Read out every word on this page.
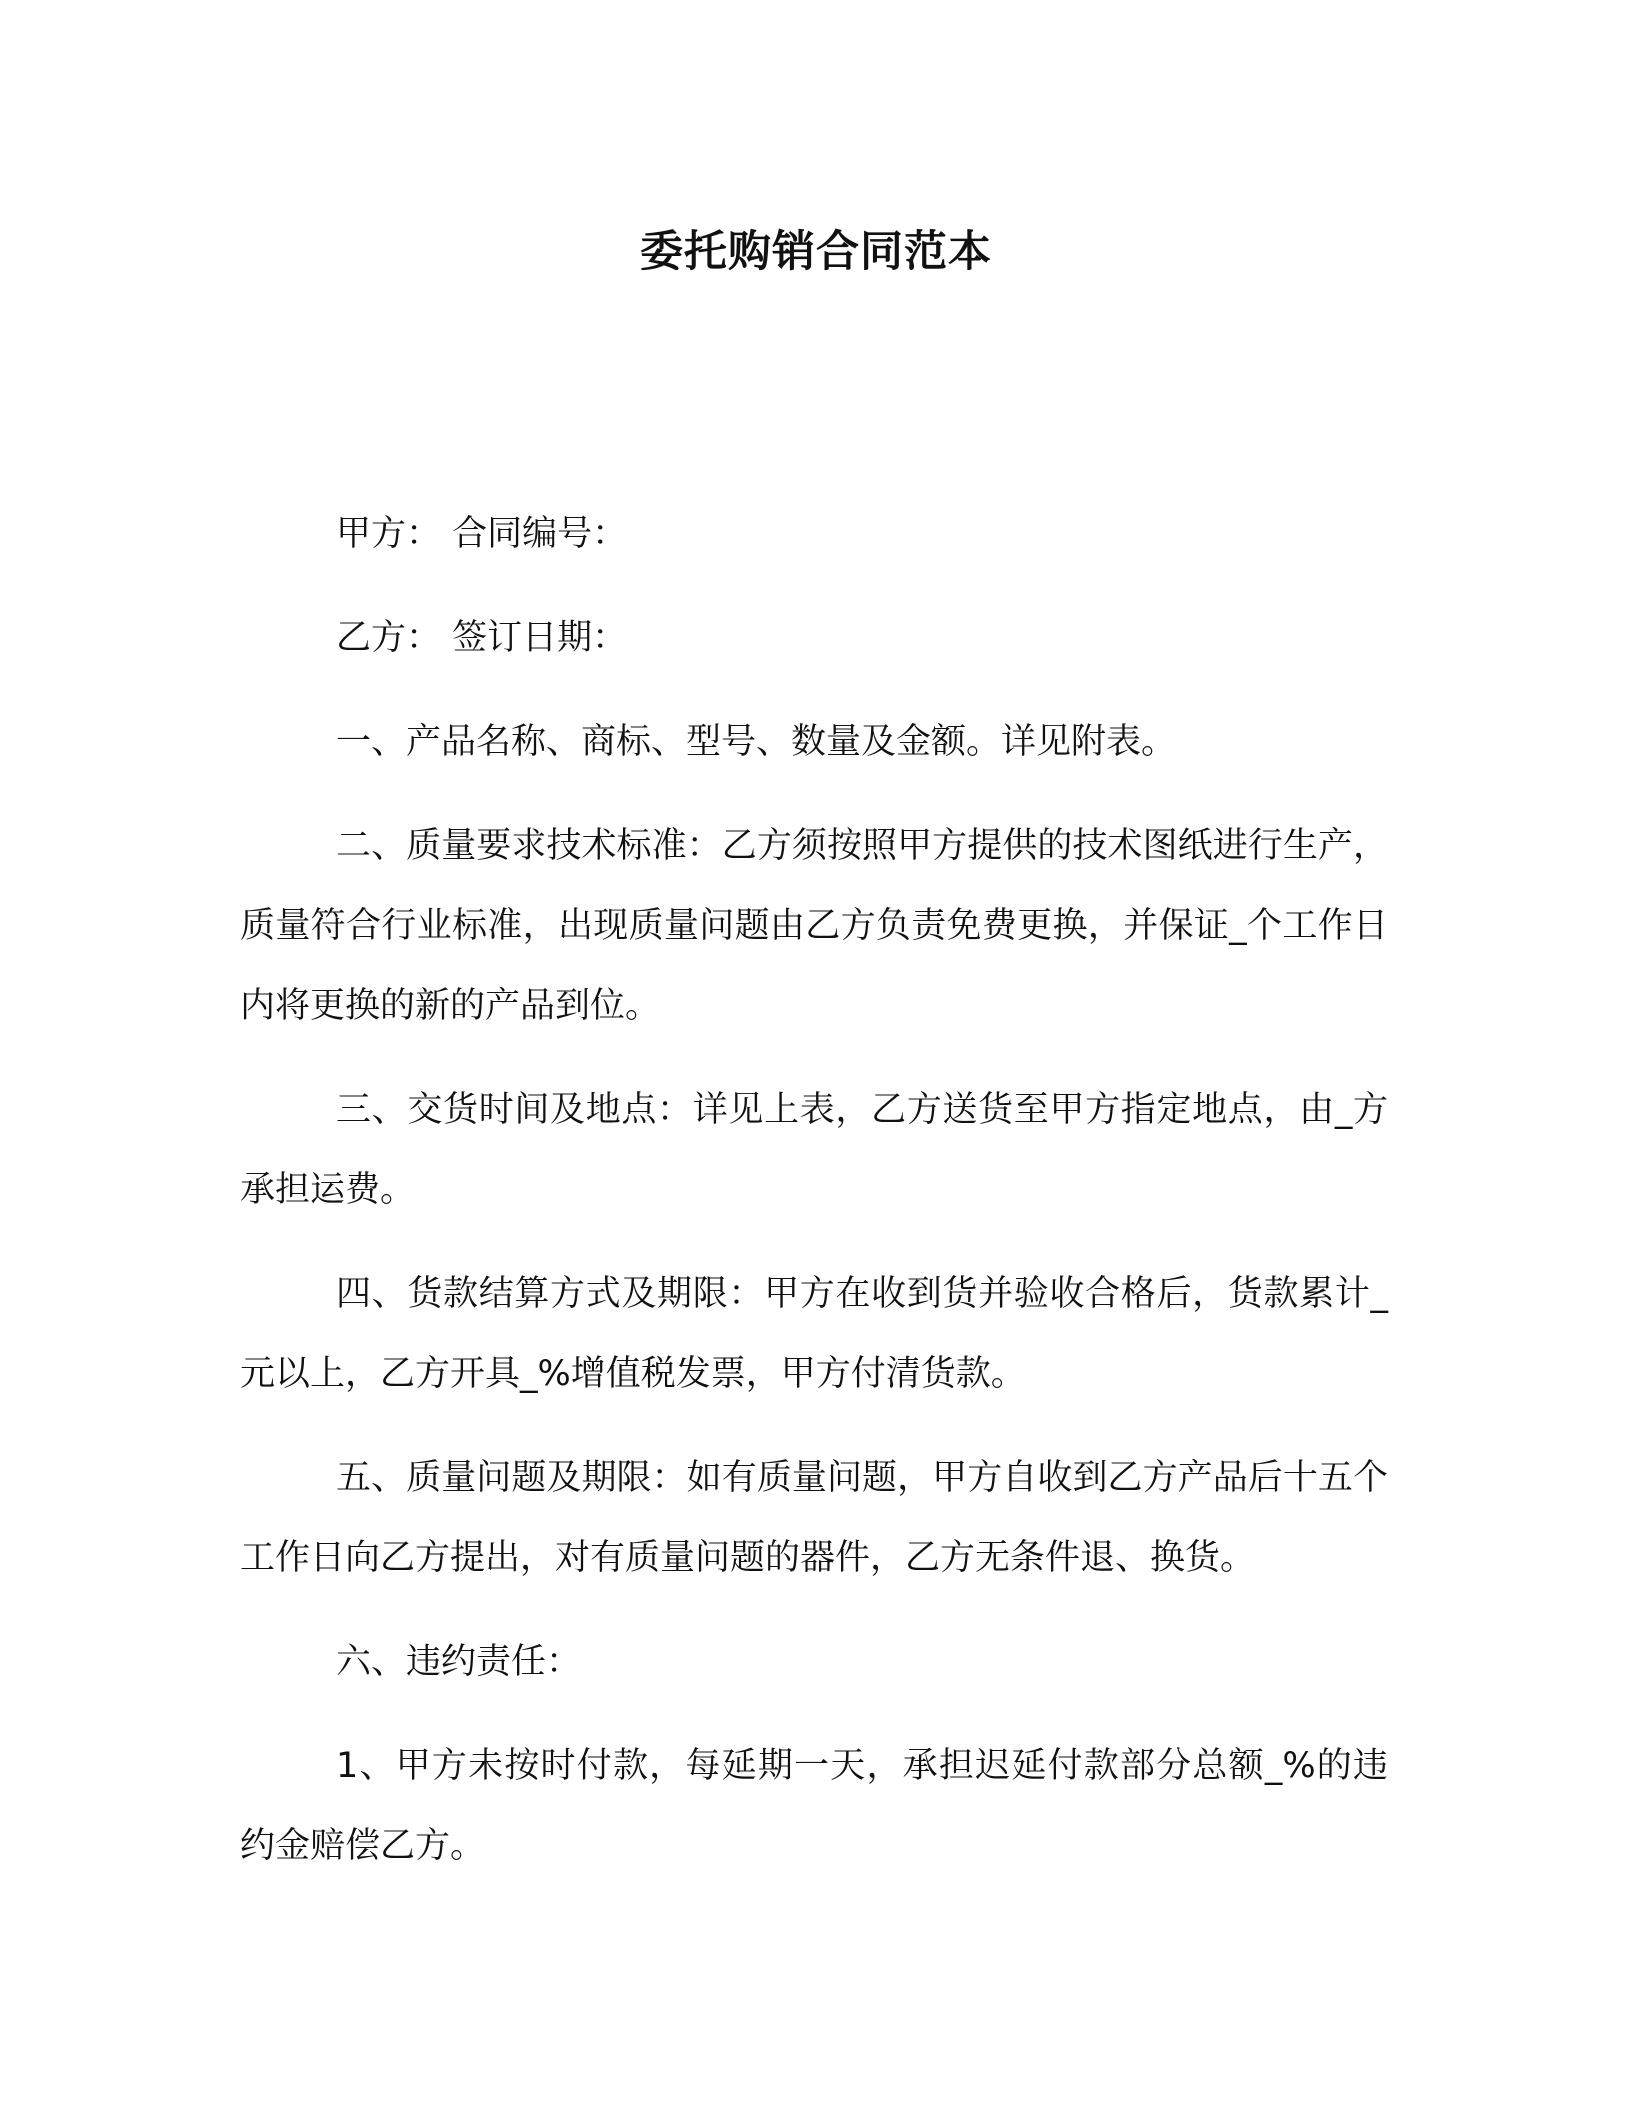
委托购销合同范本

甲方： 合同编号：

乙方： 签订日期：

一、产品名称、商标、型号、数量及金额。详见附表。

二、质量要求技术标准：乙方须按照甲方提供的技术图纸进行生产，质量符合行业标准，出现质量问题由乙方负责免费更换，并保证_个工作日内将更换的新的产品到位。

三、交货时间及地点：详见上表，乙方送货至甲方指定地点，由_方承担运费。

四、货款结算方式及期限：甲方在收到货并验收合格后，货款累计_元以上，乙方开具_%增值税发票，甲方付清货款。

五、质量问题及期限：如有质量问题，甲方自收到乙方产品后十五个工作日向乙方提出，对有质量问题的器件，乙方无条件退、换货。

六、违约责任：

1、甲方未按时付款，每延期一天，承担迟延付款部分总额_%的违约金赔偿乙方。
